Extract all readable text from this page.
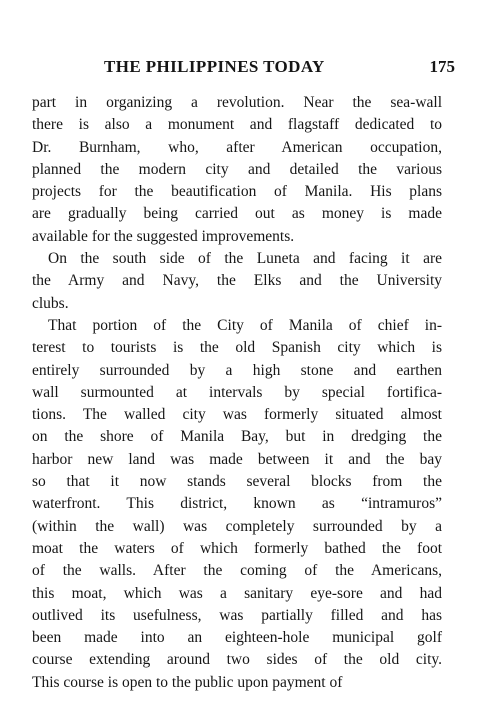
THE PHILIPPINES TODAY	175

part in organizing a revolution. Near the sea-wall
there is also a monument and flagstaff dedicated to
Dr. Burnham, who, after American occupation,
planned the modern city and detailed the various
projects for the beautification of Manila. His plans
are gradually being carried out as money is made
available for the suggested improvements.

On the south side of the Luneta and facing it are
the Army and Navy, the Elks and the University
clubs.

That portion of the City of Manila of chief in-
terest to tourists is the old Spanish city which is
entirely surrounded by a high stone and earthen
wall surmounted at intervals by special fortifica-
tions. The walled city was formerly situated almost
on the shore of Manila Bay, but in dredging the
harbor new land was made between it and the bay
so that it now stands several blocks from the
waterfront. This district, known as “intramuros”
(within the wall) was completely surrounded by a
moat the waters of which formerly bathed the foot
of the walls. After the coming of the Americans,
this moat, which was a sanitary eye-sore and had
outlived its usefulness, was partially filled and has
been made into an eighteen-hole municipal golf
course extending around two sides of the old city.
This course is open to the public upon payment of
